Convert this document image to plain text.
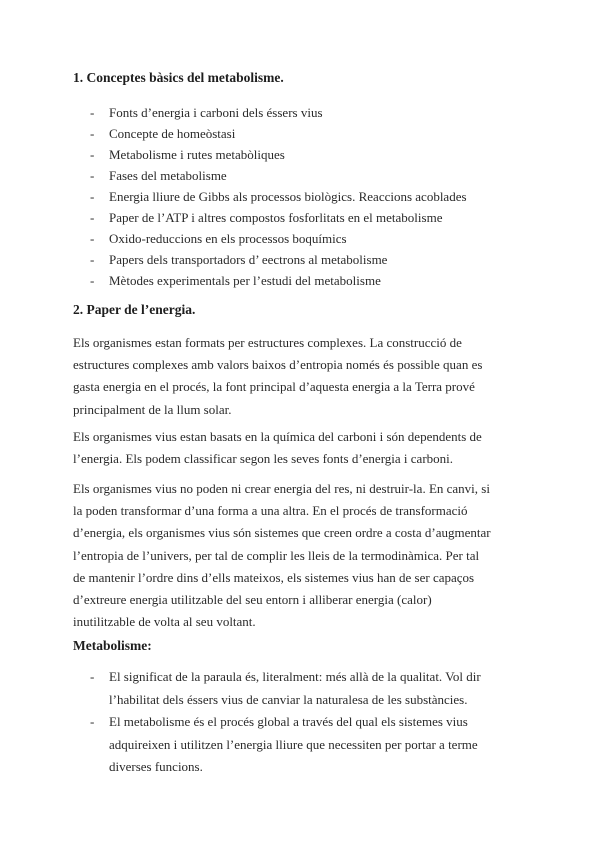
1. Conceptes bàsics del metabolisme.
- Fonts d’energia i carboni dels éssers vius
- Concepte de homeòstasi
- Metabolisme i rutes metabòliques
- Fases del metabolisme
- Energia lliure de Gibbs als processos biològics. Reaccions acoblades
- Paper de l’ATP i altres compostos fosforlitats en el metabolisme
- Oxido-reduccions en els processos boquímics
- Papers dels transportadors d’ eectrons al metabolisme
- Mètodes experimentals per l’estudi del metabolisme
2. Paper de l’energia.

Els organismes estan formats per estructures complexes. La construcció de
estructures complexes amb valors baixos d’entropia només és possible quan es
gasta energia en el procés, la font principal d’aquesta energia a la Terra prové
principalment de la llum solar.

Els organismes vius estan basats en la química del carboni i són dependents de
l’energia. Els podem classificar segon les seves fonts d’energia i carboni.

Els organismes vius no poden ni crear energia del res, ni destruir-la. En canvi, si
la poden transformar d’una forma a una altra. En el procés de transformació
d’energia, els organismes vius són sistemes que creen ordre a costa d’augmentar
l’entropia de l’univers, per tal de complir les lleis de la termodinàmica. Per tal
de mantenir l’ordre dins d’ells mateixos, els sistemes vius han de ser capaços
d’extreure energia utilitzable del seu entorn i alliberar energia (calor)
inutilitzable de volta al seu voltant.

Metabolisme:
- El significat de la paraula és, literalment: més allà de la qualitat. Vol dir
l’habilitat dels éssers vius de canviar la naturalesa de les substàncies.
- El metabolisme és el procés global a través del qual els sistemes vius
adquireixen i utilitzen l’energia lliure que necessiten per portar a terme
diverses funcions.
